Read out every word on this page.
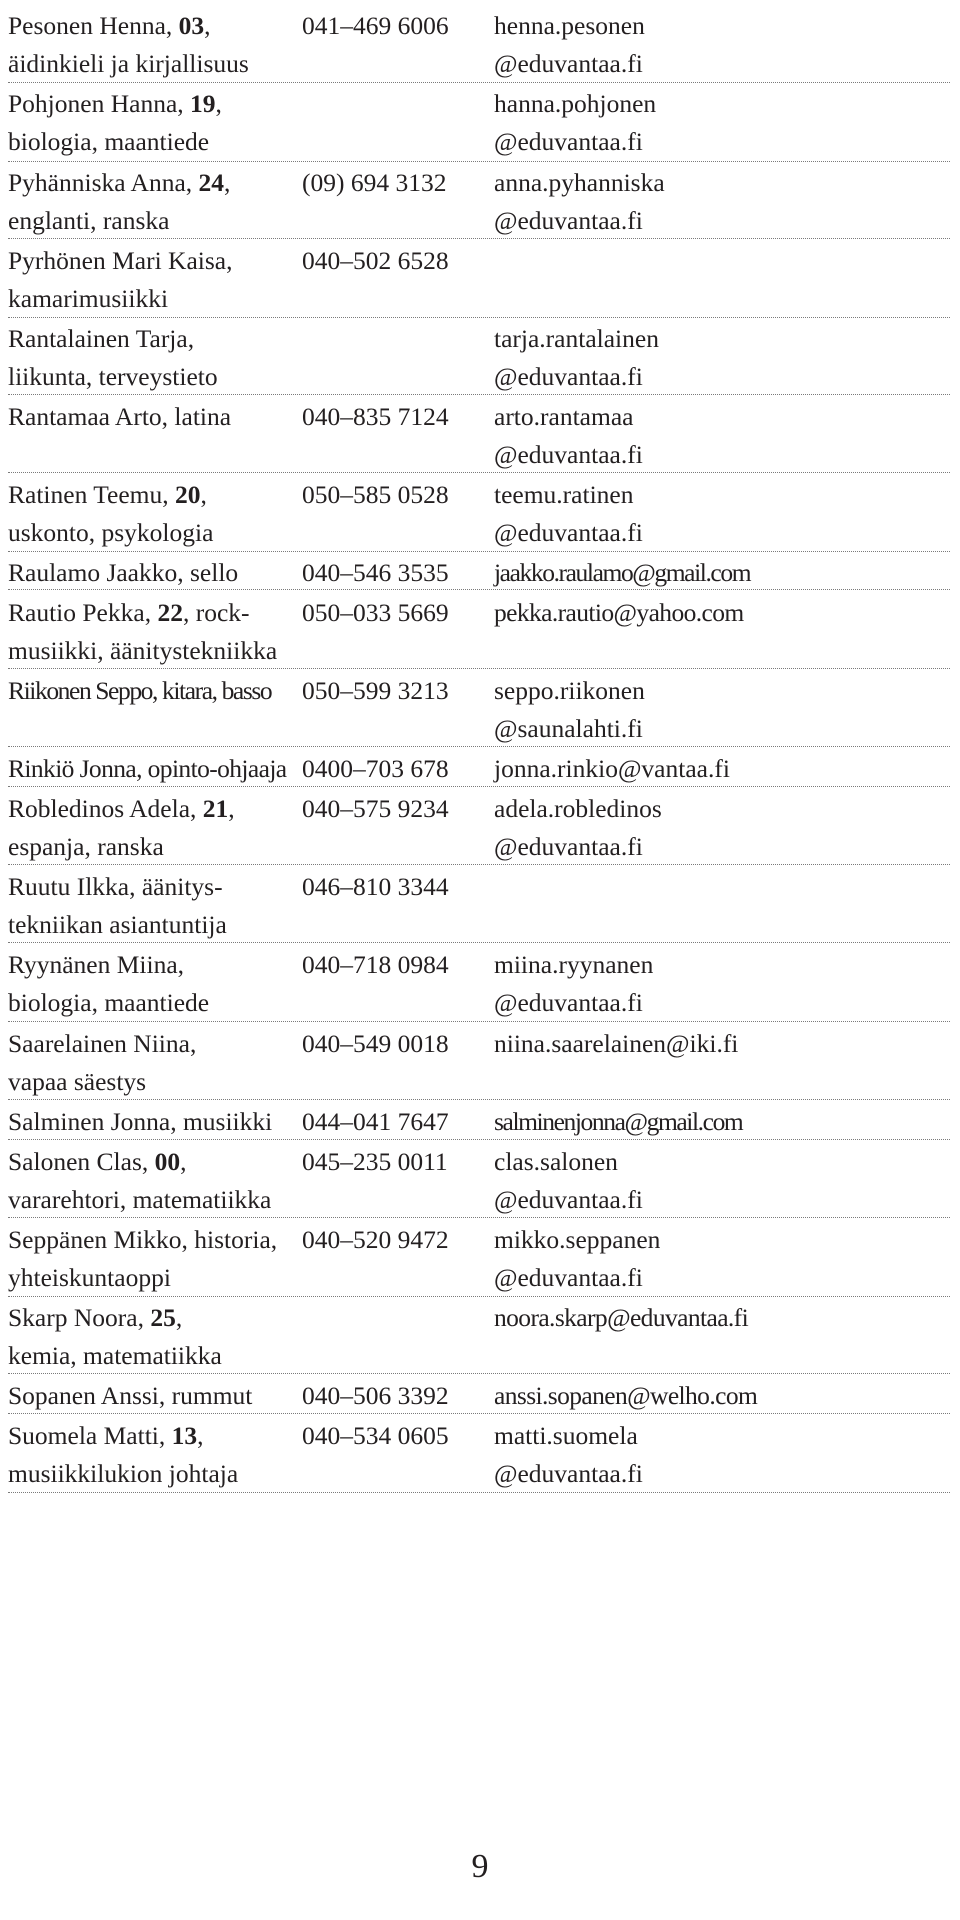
Pesonen Henna, 03,
äidinkieli ja kirjallisuus
041–469 6006 henna.pesonen
@eduvantaa.fi
Pohjonen Hanna, 19,
biologia, maantiede
hanna.pohjonen
@eduvantaa.fi
Pyhänniska Anna, 24,
englanti, ranska
(09) 694 3132 anna.pyhanniska
@eduvantaa.fi
Pyrhönen Mari Kaisa,
kamarimusiikki
040–502 6528
Rantalainen Tarja,
liikunta, terveystieto
tarja.rantalainen
@eduvantaa.fi
Rantamaa Arto, latina	040–835 7124 arto.rantamaa
@eduvantaa.fi
Ratinen Teemu, 20,
uskonto, psykologia
050–585 0528 teemu.ratinen
@eduvantaa.fi
Raulamo Jaakko, sello	040–546 3535 jaakko.raulamo@gmail.com
Rautio Pekka, 22, rock-
musiikki, äänitystekniikka
050–033 5669 pekka.rautio@yahoo.com
Riikonen Seppo, kitara, basso 050–599 3213 seppo.riikonen
@saunalahti.fi
Rinkiö Jonna, opinto-ohjaaja 0400–703 678 jonna.rinkio@vantaa.fi
Robledinos Adela, 21,
espanja, ranska
040–575 9234 adela.robledinos
@eduvantaa.fi
Ruutu Ilkka, äänitys-
tekniikan asiantuntija
046–810 3344
Ryynänen Miina,
biologia, maantiede
040–718 0984 miina.ryynanen
@eduvantaa.fi
Saarelainen Niina,
vapaa säestys
040–549 0018 niina.saarelainen@iki.fi
Salminen Jonna, musiikki 044–041 7647 salminenjonna@gmail.com
Salonen Clas, 00,
vararehtori, matematiikka
045–235 0011 clas.salonen
@eduvantaa.fi
Seppänen Mikko, historia,
yhteiskuntaoppi
040–520 9472 mikko.seppanen
@eduvantaa.fi
Skarp Noora, 25,
kemia, matematiikka
noora.skarp@eduvantaa.fi
Sopanen Anssi, rummut 040–506 3392 anssi.sopanen@welho.com
Suomela Matti, 13,
musiikkilukion johtaja
040–534 0605 matti.suomela
@eduvantaa.fi
9
